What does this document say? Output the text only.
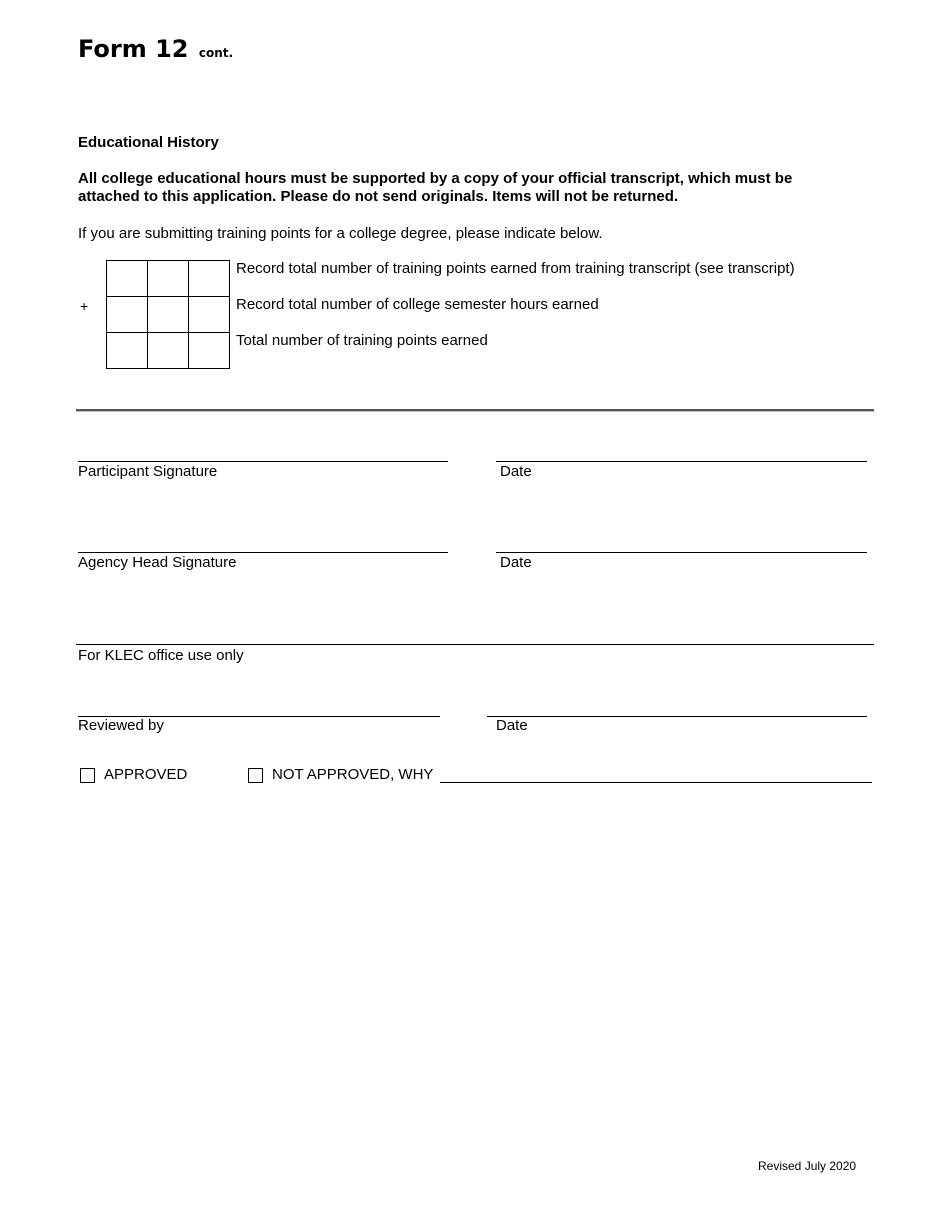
Form 12 cont.
Educational History
All college educational hours must be supported by a copy of your official transcript, which must be attached to this application. Please do not send originals. Items will not be returned.
If you are submitting training points for a college degree, please indicate below.

+
Record total number of training points earned from training transcript (see transcript)
Record total number of college semester hours earned
Total number of training points earned
Participant Signature	Date
Agency Head Signature	Date
For KLEC office use only
Reviewed by	Date
APPROVED	NOT APPROVED, WHY
Revised July 2020
